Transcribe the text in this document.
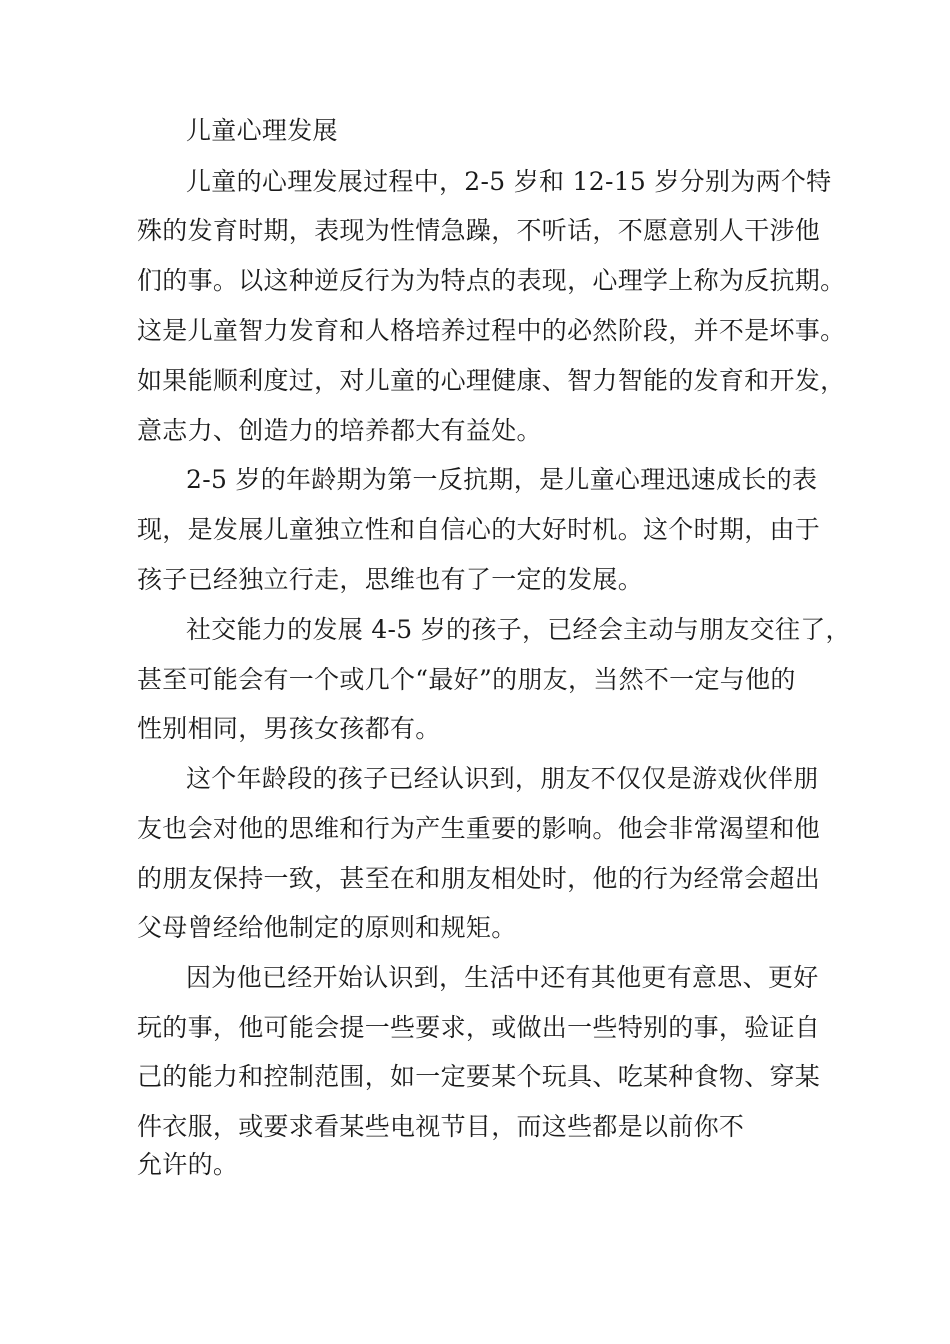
儿童心理发展
儿童的心理发展过程中，2-5 岁和 12-15 岁分别为两个特
殊的发育时期，表现为性情急躁，不听话，不愿意别人干涉他
们的事。以这种逆反行为为特点的表现，心理学上称为反抗期。
这是儿童智力发育和人格培养过程中的必然阶段，并不是坏事。
如果能顺利度过，对儿童的心理健康、智力智能的发育和开发，
意志力、创造力的培养都大有益处。
2-5 岁的年龄期为第一反抗期，是儿童心理迅速成长的表
现，是发展儿童独立性和自信心的大好时机。这个时期，由于
孩子已经独立行走，思维也有了一定的发展。
社交能力的发展 4-5 岁的孩子，已经会主动与朋友交往了，
甚至可能会有一个或几个“最好”的朋友，当然不一定与他的
性别相同，男孩女孩都有。
这个年龄段的孩子已经认识到，朋友不仅仅是游戏伙伴朋
友也会对他的思维和行为产生重要的影响。他会非常渴望和他
的朋友保持一致，甚至在和朋友相处时，他的行为经常会超出
父母曾经给他制定的原则和规矩。
因为他已经开始认识到，生活中还有其他更有意思、更好
玩的事，他可能会提一些要求，或做出一些特别的事，验证自
己的能力和控制范围，如一定要某个玩具、吃某种食物、穿某
件衣服，或要求看某些电视节目，而这些都是以前你不
允许的。
